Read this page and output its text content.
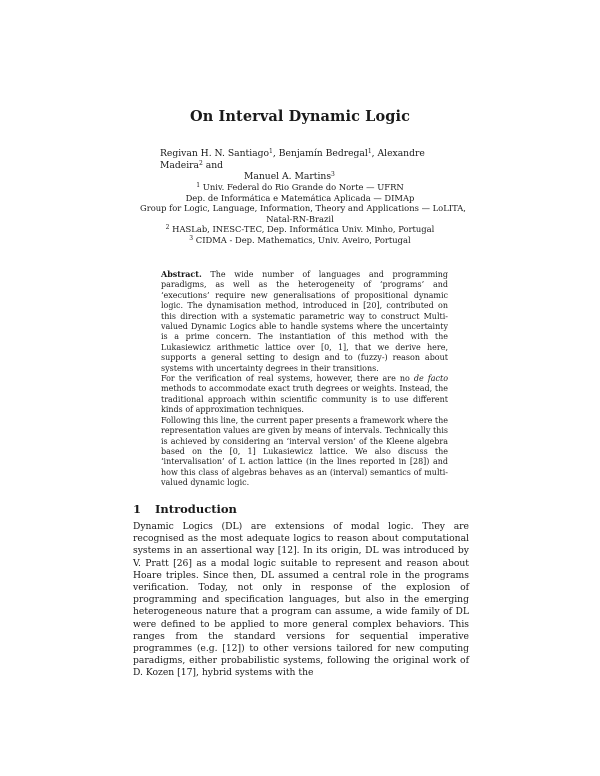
On Interval Dynamic Logic
Regivan H. N. Santiago$^1$, Benjamín Bedregal$^1$, Alexandre Madeira$^2$ and
Manuel A. Martins$^3$
$^1$ Univ. Federal do Rio Grande do Norte — UFRN
Dep. de Informática e Matemática Aplicada — DIMAp
Group for Logic, Language, Information, Theory and Applications — LoLITA,
Natal-RN-Brazil
$^2$ HASLab, INESC-TEC, Dep. Informática Univ. Minho, Portugal
$^3$ CIDMA - Dep. Mathematics, Univ. Aveiro, Portugal

Abstract. The wide number of languages and programming paradigms, as well as the heterogeneity of ‘programs’ and ‘executions’ require new generalisations of propositional dynamic logic. The dynamisation method, introduced in [20], contributed on this direction with a systematic parametric way to construct Multi-valued Dynamic Logics able to handle systems where the uncertainty is a prime concern. The instantiation of this method with the Lukasiewicz arithmetic lattice over [0, 1], that we derive here, supports a general setting to design and to (fuzzy-) reason about systems with uncertainty degrees in their transitions.

For the verification of real systems, however, there are no de facto methods to accommodate exact truth degrees or weights. Instead, the traditional approach within scientific community is to use different kinds of approximation techniques.

Following this line, the current paper presents a framework where the representation values are given by means of intervals. Technically this is achieved by considering an ‘interval version’ of the Kleene algebra based on the [0, 1] Lukasiewicz lattice. We also discuss the ‘intervalisation’ of L action lattice (in the lines reported in [28]) and how this class of algebras behaves as an (interval) semantics of multi-valued dynamic logic.

1 Introduction

Dynamic Logics (DL) are extensions of modal logic. They are recognised as the most adequate logics to reason about computational systems in an assertional way [12]. In its origin, DL was introduced by V. Pratt [26] as a modal logic suitable to represent and reason about Hoare triples. Since then, DL assumed a central role in the programs verification. Today, not only in response of the explosion of programming and specification languages, but also in the emerging heterogeneous nature that a program can assume, a wide family of DL were defined to be applied to more general complex behaviors. This ranges from the standard versions for sequential imperative programmes (e.g. [12]) to other versions tailored for new computing paradigms, either probabilistic systems, following the original work of D. Kozen [17], hybrid systems with the
